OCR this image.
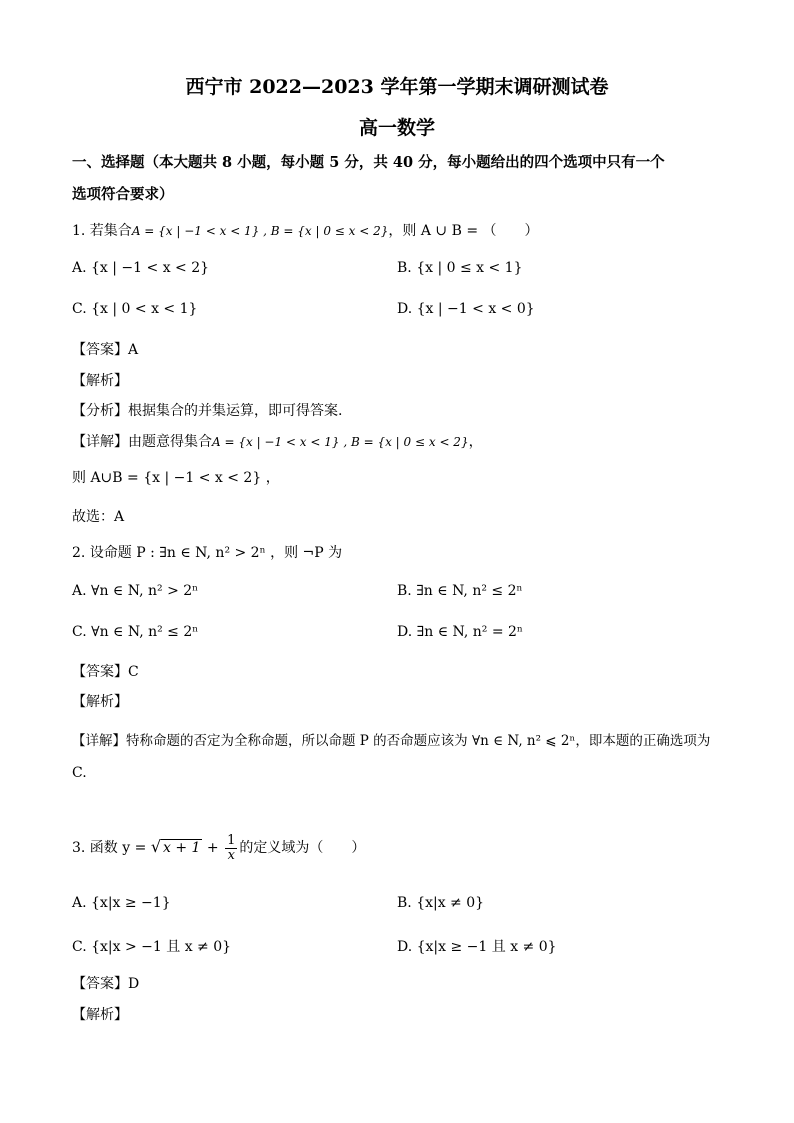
西宁市 2022—2023 学年第一学期末调研测试卷
高一数学
一、选择题（本大题共 8 小题，每小题 5 分，共 40 分，每小题给出的四个选项中只有一个
选项符合要求）
1. 若集合A = {x | −1 < x < 1} , B = {x | 0 ≤ x < 2}，则 A ∪ B = （　　）
A. {x | −1 < x < 2}	B. {x | 0 ≤ x < 1}
C. {x | 0 < x < 1}	D. {x | −1 < x < 0}
【答案】A
【解析】
【分析】根据集合的并集运算，即可得答案.
【详解】由题意得集合A = {x | −1 < x < 1} , B = {x | 0 ≤ x < 2}，
则 A∪B = {x | −1 < x < 2} ，
故选：A
2. 设命题 P : ∃n ∈ N, n² > 2ⁿ ，则 ¬P 为
A. ∀n ∈ N, n² > 2ⁿ	B. ∃n ∈ N, n² ≤ 2ⁿ
C. ∀n ∈ N, n² ≤ 2ⁿ	D. ∃n ∈ N, n² = 2ⁿ
【答案】C
【解析】
【详解】特称命题的否定为全称命题，所以命题 P 的否命题应该为 ∀n ∈ N, n² ⩽ 2ⁿ，即本题的正确选项为
C.
3. 函数 y = √ $x + 1 + \frac{1}{x}$ 的定义域为（　　）
A. {x|x ≥ −1}	B. {x|x ≠ 0}
C. {x|x > −1 且 x ≠ 0}	D. {x|x ≥ −1 且 x ≠ 0}
【答案】D
【解析】
